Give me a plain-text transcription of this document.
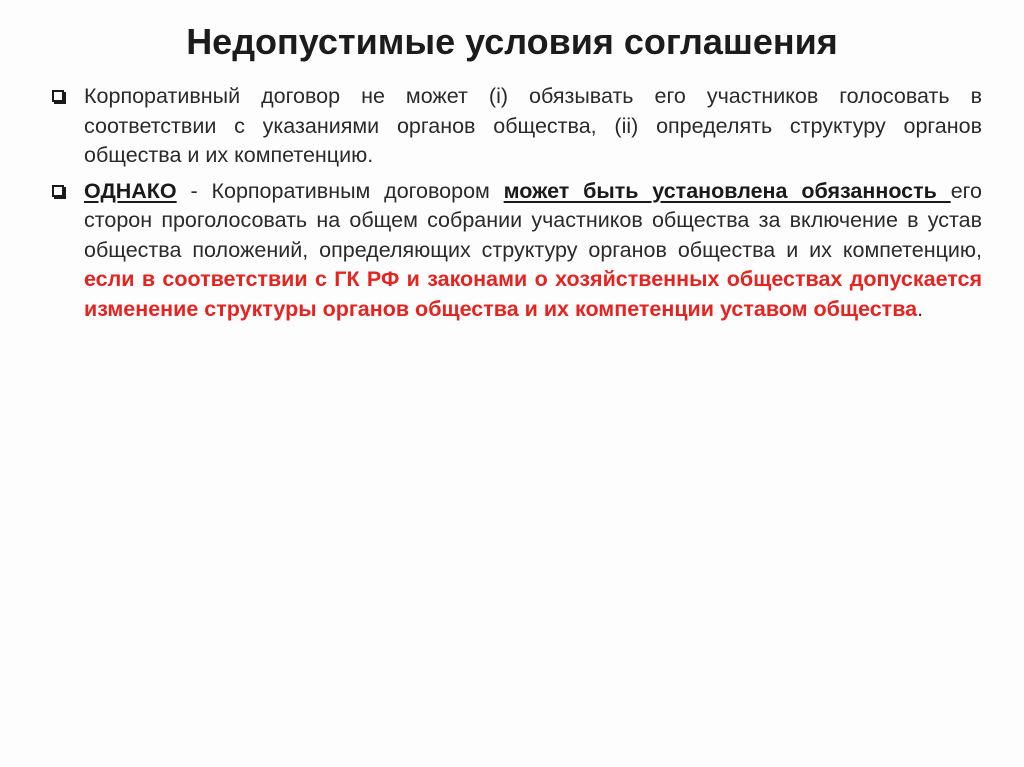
Недопустимые условия соглашения
Корпоративный договор не может (i) обязывать его участников голосовать в соответствии с указаниями органов общества, (ii) определять структуру органов общества и их компетенцию.
ОДНАКО - Корпоративным договором может быть установлена обязанность его сторон проголосовать на общем собрании участников общества за включение в устав общества положений, определяющих структуру органов общества и их компетенцию, если в соответствии с ГК РФ и законами о хозяйственных обществах допускается изменение структуры органов общества и их компетенции уставом общества.
